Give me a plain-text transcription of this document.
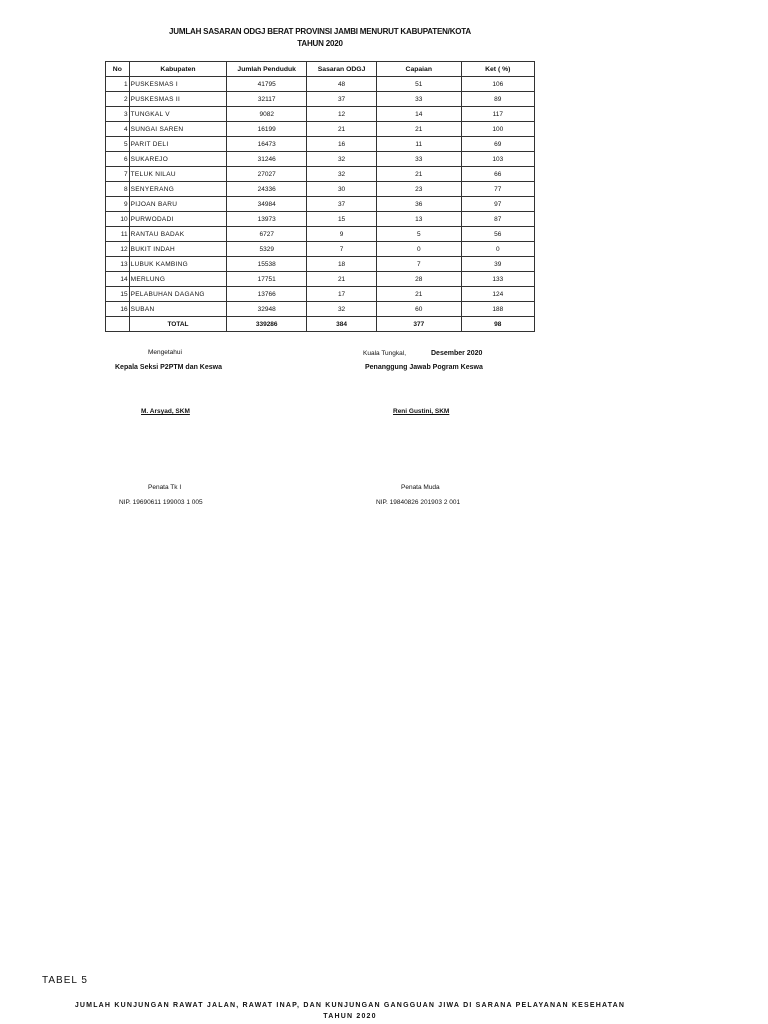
JUMLAH SASARAN ODGJ BERAT PROVINSI JAMBI MENURUT KABUPATEN/KOTA
TAHUN 2020
No	Kabupaten	Jumlah Penduduk	Sasaran ODGJ	Capaian	Ket ( %)
1	PUSKESMAS I	41795	48	51	106
2	PUSKESMAS II	32117	37	33	89
3	TUNGKAL V	9082	12	14	117
4	SUNGAI SAREN	16199	21	21	100
5	PARIT DELI	16473	16	11	69
6	SUKAREJO	31246	32	33	103
7	TELUK NILAU	27027	32	21	66
8	SENYERANG	24336	30	23	77
9	PIJOAN BARU	34984	37	36	97
10	PURWODADI	13973	15	13	87
11	RANTAU BADAK	6727	9	5	56
12	BUKIT INDAH	5329	7	0	0
13	LUBUK KAMBING	15538	18	7	39
14	MERLUNG	17751	21	28	133
15	PELABUHAN DAGANG	13766	17	21	124
16	SUBAN	32948	32	60	188
	TOTAL	339286	384	377	98
Mengetahui
Kepala Seksi P2PTM dan Keswa
M. Arsyad, SKM
Penata Tk I
NIP. 19690611 199003 1 005
Kuala Tungkal,	Desember 2020
Penanggung Jawab Pogram Keswa
Reni Gustini, SKM
Penata Muda
NIP. 19840826 201903 2 001
TABEL 5
JUMLAH KUNJUNGAN RAWAT JALAN, RAWAT INAP, DAN KUNJUNGAN GANGGUAN JIWA DI SARANA PELAYANAN KESEHATAN
TAHUN 2020
